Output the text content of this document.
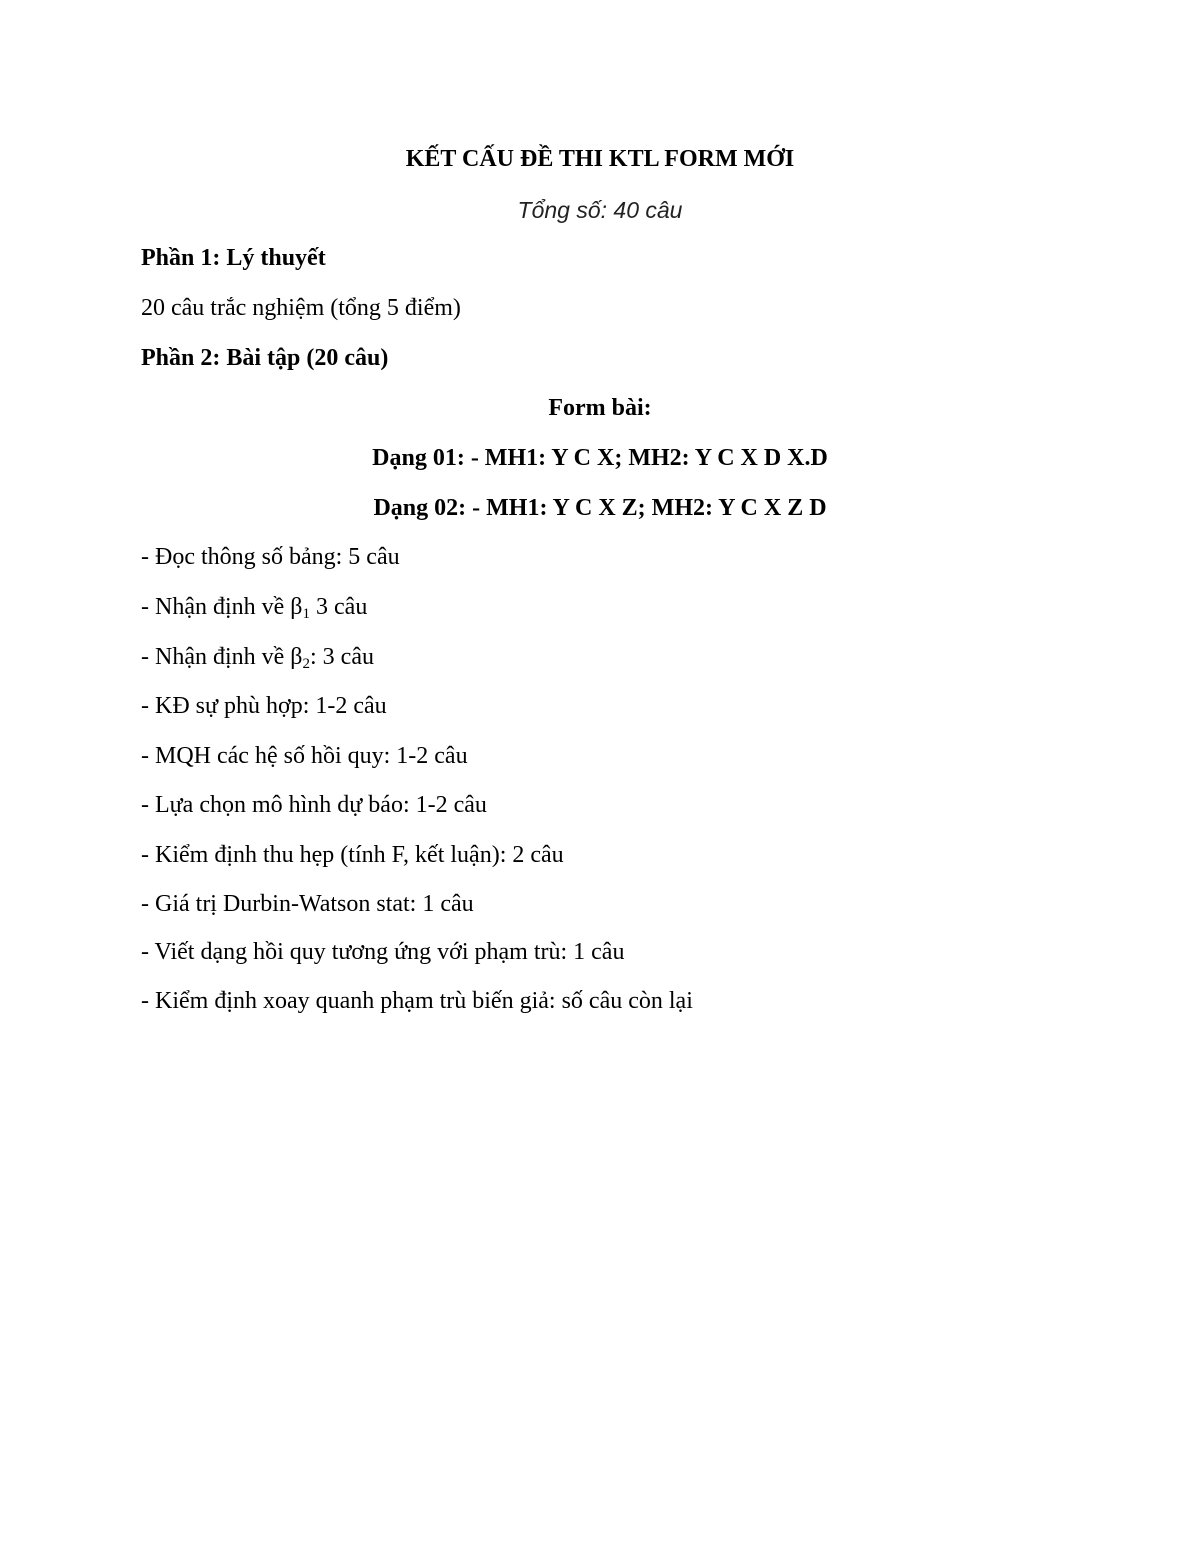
KẾT CẤU ĐỀ THI KTL FORM MỚI
Tổng số: 40 câu
Phần 1: Lý thuyết
20 câu trắc nghiệm (tổng 5 điểm)
Phần 2: Bài tập (20 câu)
Form bài:
Dạng 01: - MH1: Y C X; MH2: Y C X D X.D
Dạng 02: - MH1: Y C X Z; MH2: Y C X Z D
- Đọc thông số bảng: 5 câu
- Nhận định về $\beta_1$ 3 câu
- Nhận định về $\beta_2$: 3 câu
- KĐ sự phù hợp: 1-2 câu
- MQH các hệ số hồi quy: 1-2 câu
- Lựa chọn mô hình dự báo: 1-2 câu
- Kiểm định thu hẹp (tính F, kết luận): 2 câu
- Giá trị Durbin-Watson stat: 1 câu
- Viết dạng hồi quy tương ứng với phạm trù: 1 câu
- Kiểm định xoay quanh phạm trù biến giả: số câu còn lại
